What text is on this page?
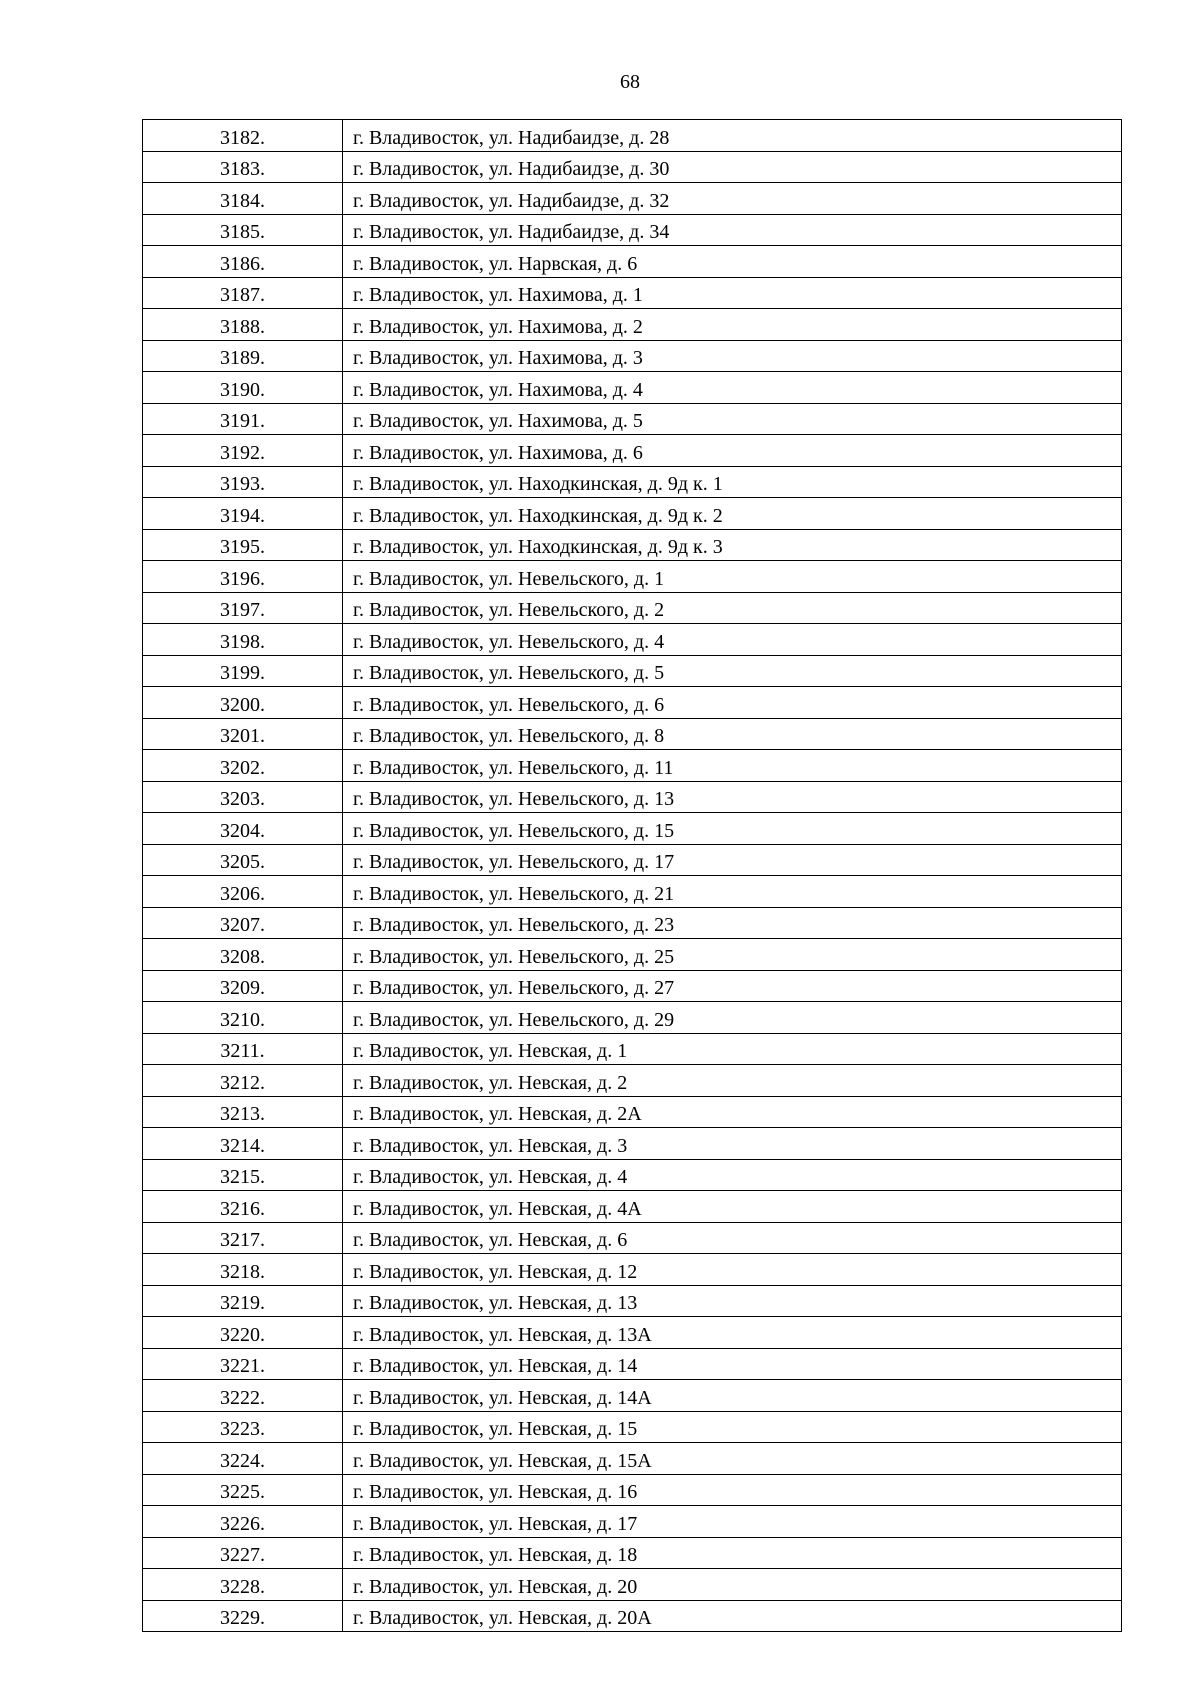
68
3182.	г. Владивосток, ул. Надибаидзе, д. 28
3183.	г. Владивосток, ул. Надибаидзе, д. 30
3184.	г. Владивосток, ул. Надибаидзе, д. 32
3185.	г. Владивосток, ул. Надибаидзе, д. 34
3186.	г. Владивосток, ул. Нарвская, д. 6
3187.	г. Владивосток, ул. Нахимова, д. 1
3188.	г. Владивосток, ул. Нахимова, д. 2
3189.	г. Владивосток, ул. Нахимова, д. 3
3190.	г. Владивосток, ул. Нахимова, д. 4
3191.	г. Владивосток, ул. Нахимова, д. 5
3192.	г. Владивосток, ул. Нахимова, д. 6
3193.	г. Владивосток, ул. Находкинская, д. 9д к. 1
3194.	г. Владивосток, ул. Находкинская, д. 9д к. 2
3195.	г. Владивосток, ул. Находкинская, д. 9д к. 3
3196.	г. Владивосток, ул. Невельского, д. 1
3197.	г. Владивосток, ул. Невельского, д. 2
3198.	г. Владивосток, ул. Невельского, д. 4
3199.	г. Владивосток, ул. Невельского, д. 5
3200.	г. Владивосток, ул. Невельского, д. 6
3201.	г. Владивосток, ул. Невельского, д. 8
3202.	г. Владивосток, ул. Невельского, д. 11
3203.	г. Владивосток, ул. Невельского, д. 13
3204.	г. Владивосток, ул. Невельского, д. 15
3205.	г. Владивосток, ул. Невельского, д. 17
3206.	г. Владивосток, ул. Невельского, д. 21
3207.	г. Владивосток, ул. Невельского, д. 23
3208.	г. Владивосток, ул. Невельского, д. 25
3209.	г. Владивосток, ул. Невельского, д. 27
3210.	г. Владивосток, ул. Невельского, д. 29
3211.	г. Владивосток, ул. Невская, д. 1
3212.	г. Владивосток, ул. Невская, д. 2
3213.	г. Владивосток, ул. Невская, д. 2А
3214.	г. Владивосток, ул. Невская, д. 3
3215.	г. Владивосток, ул. Невская, д. 4
3216.	г. Владивосток, ул. Невская, д. 4А
3217.	г. Владивосток, ул. Невская, д. 6
3218.	г. Владивосток, ул. Невская, д. 12
3219.	г. Владивосток, ул. Невская, д. 13
3220.	г. Владивосток, ул. Невская, д. 13А
3221.	г. Владивосток, ул. Невская, д. 14
3222.	г. Владивосток, ул. Невская, д. 14А
3223.	г. Владивосток, ул. Невская, д. 15
3224.	г. Владивосток, ул. Невская, д. 15А
3225.	г. Владивосток, ул. Невская, д. 16
3226.	г. Владивосток, ул. Невская, д. 17
3227.	г. Владивосток, ул. Невская, д. 18
3228.	г. Владивосток, ул. Невская, д. 20
3229.	г. Владивосток, ул. Невская, д. 20А
